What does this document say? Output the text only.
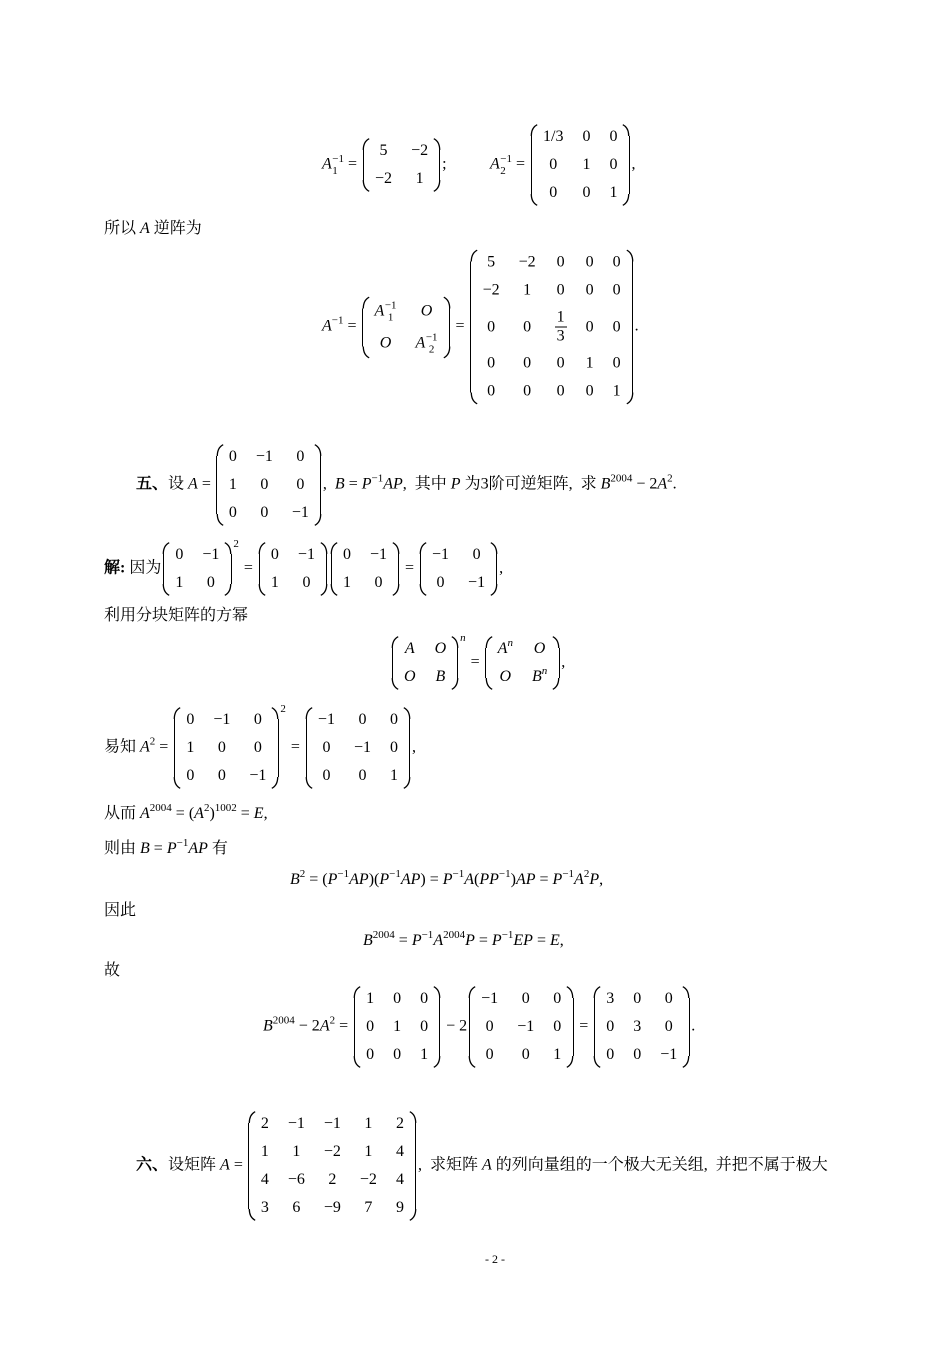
A −1
1 =
5 −2
−2 1
;	A −1
2 =
1/3 0 0
0 1 0
0 0 1
,
所以 A 逆阵为
$A^{-1}$ =
A −1
1 O
O A −1
2
=
5 −2 0 0 0
−2 1 0 0 0
0 $0 \frac{1}{3} 0$ 0
0 0 0 1 0
0 0 0 0 1
.
五、设 A =
0 −1 0
1 0 0
0 0 −1
,  $B = P^{-1}AP$,  其中 P 为3阶可逆矩阵,  求 $B^{2004} - 2A^2$.
解: 因为
0 −1
1 0
2
=
0 −1
1 0
0 −1
1 0
=
−1 0
0 −1
,
利用分块矩阵的方幂
A O
O B
n
=
$A^n$ O
O $B^n$
,
易知 $A^2$ =
0 −1 0
1 0 0
0 0 −1
2
=
−1 0 0
0 −1 0
0 0 1
,
从而 $A^{2004} = (A^2)^{1002} = E$,
则由 $B = P^{-1}AP$ 有
$B^2 = (P^{-1}AP)(P^{-1}AP) = P^{-1}A(PP^{-1})AP = P^{-1}A^2P$,
因此
$B^{2004} = P^{-1}A^{2004}P = P^{-1}EP = E$,
故
$B^{2004} - 2A^2$ =
1 0 0
0 1 0
0 0 1
− 2
−1 0 0
0 −1 0
0 0 1
=
3 0 0
0 3 0
0 0 −1
.
六、设矩阵 A =
2 −1 −1 1 2
1 1 −2 1 4
4 −6 2 −2 4
3 6 −9 7 9
,  求矩阵 A 的列向量组的一个极大无关组,  并把不属于极大
- 2 -
